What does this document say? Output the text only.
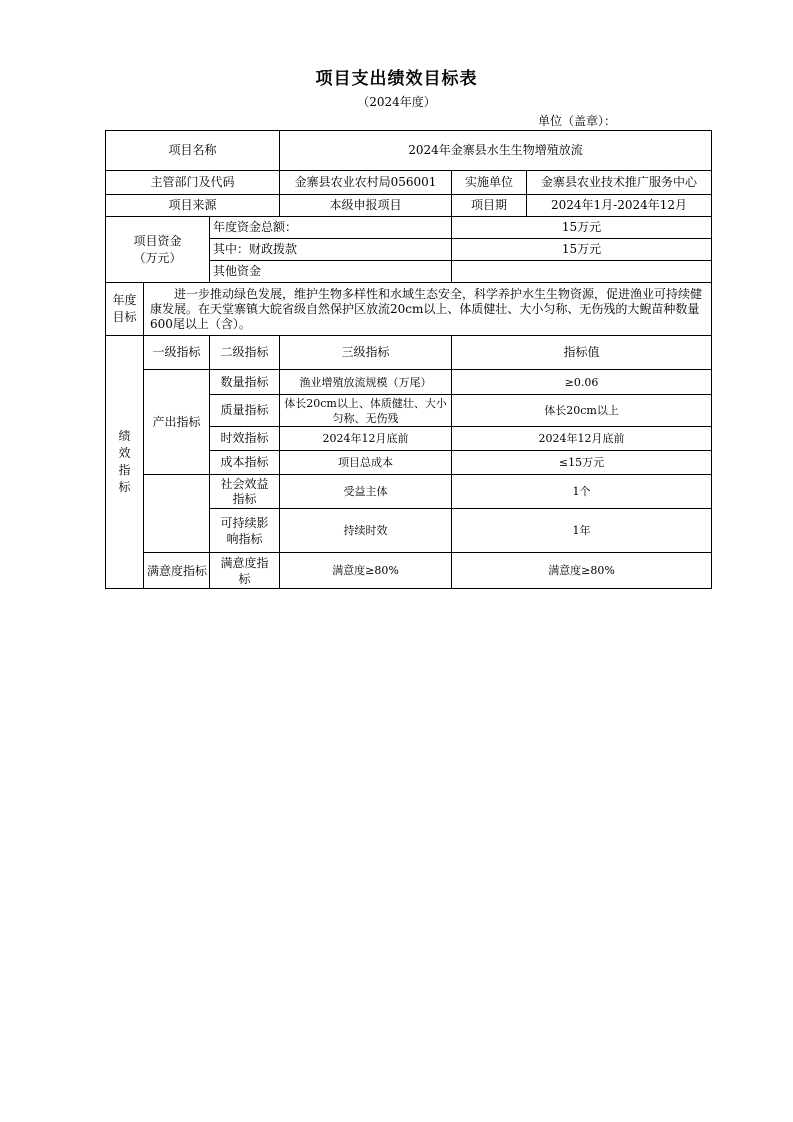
项目支出绩效目标表
（2024年度）
单位（盖章）：
项目名称			2024年金寨县水生生物增殖放流		
主管部门及代码			金寨县农业农村局056001	实施单位	金寨县农业技术推广服务中心
项目来源			本级申报项目	项目期	2024年1月-2024年12月
项目资金（万元）		年度资金总额：		15万元	
		其中：财政拨款		15万元	
		其他资金			
年度目标	进一步推动绿色发展，维护生物多样性和水域生态安全，科学养护水生生物资源，促进渔业可持续健康发展。在天堂寨镇大皖省级自然保护区放流20cm以上、体质健壮、大小匀称、无伤残的大鲵苗种数量600尾以上（含）。				
绩效指标	一级指标	二级指标	三级指标	指标值	
	产出指标	数量指标	渔业增殖放流规模（万尾）	≥0.06	
		质量指标	体长20cm以上、体质健壮、大小匀称、无伤残	体长20cm以上	
		时效指标	2024年12月底前	2024年12月底前	
		成本指标	项目总成本	≤15万元	
		社会效益指标	受益主体	1个	
		可持续影响指标	持续时效	1年	
	满意度指标	满意度指标	满意度≥80%	满意度≥80%	
